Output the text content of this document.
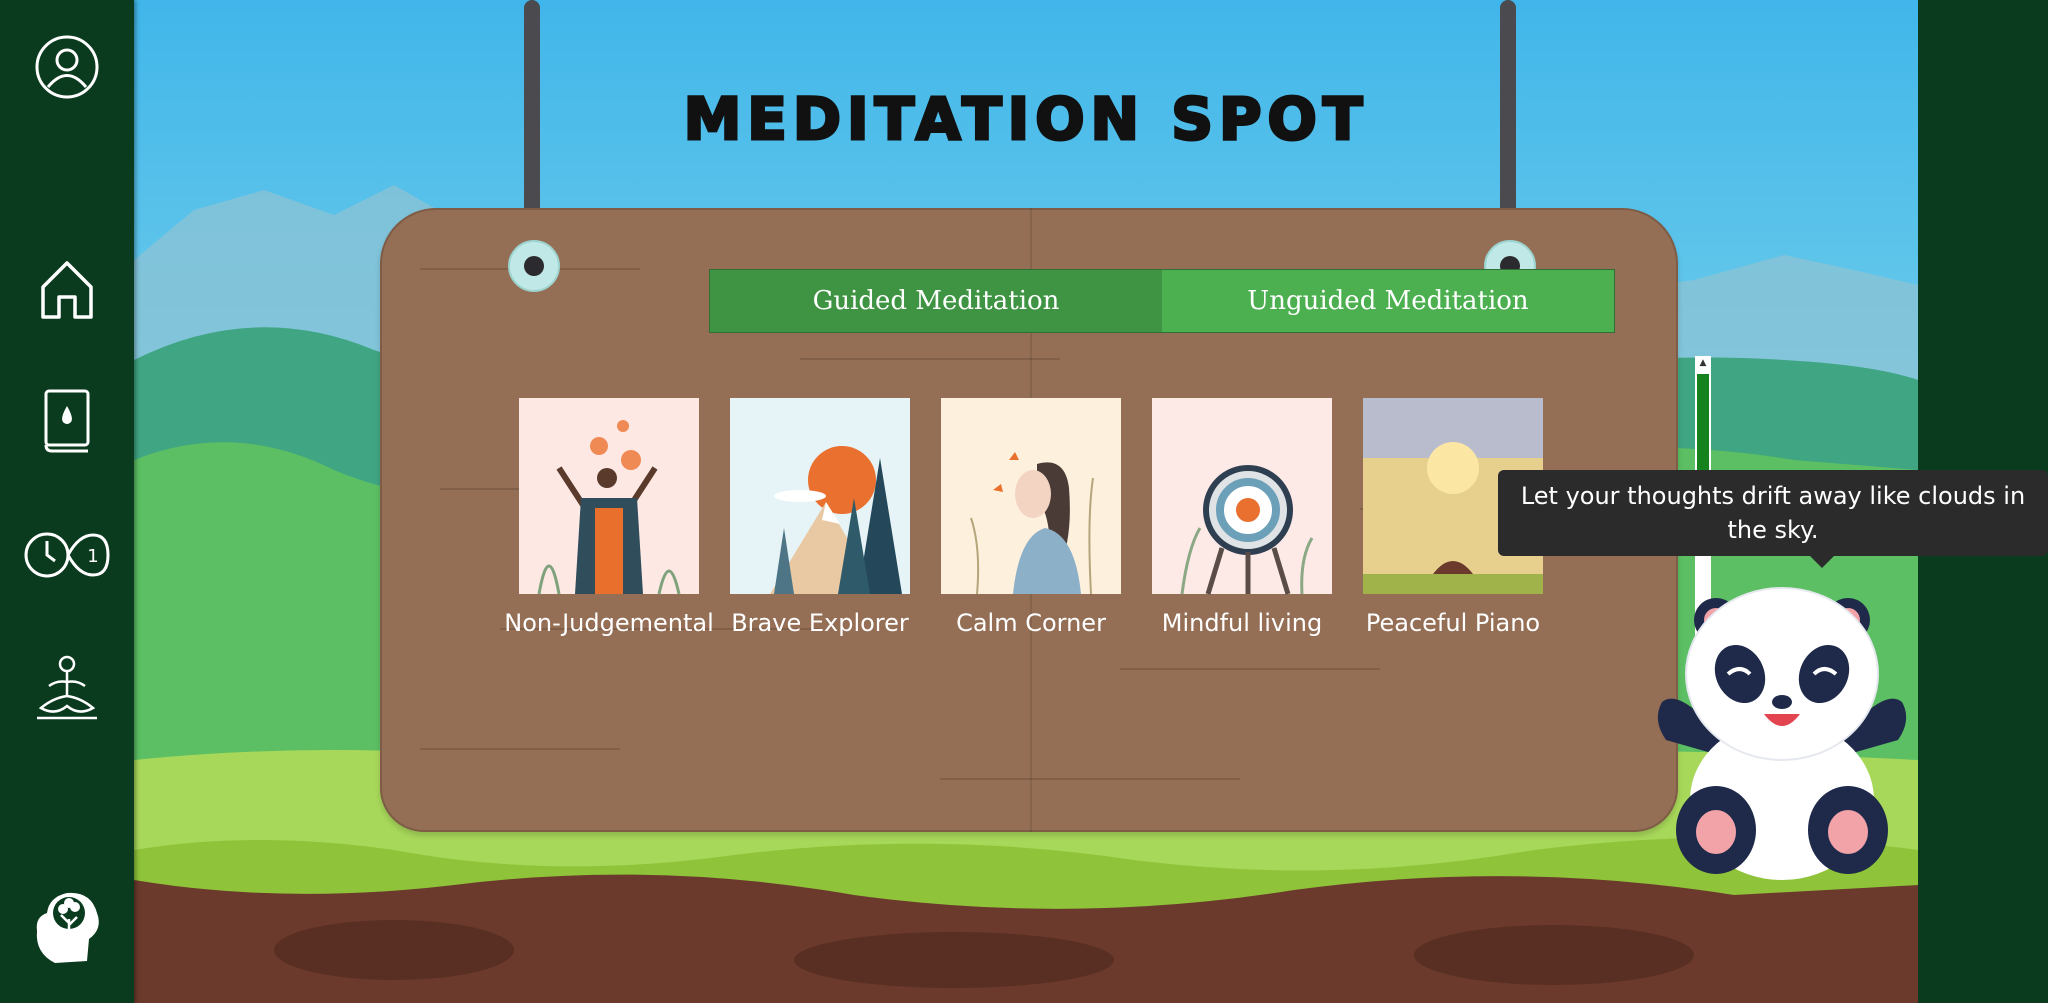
1
MEDITATION SPOT
Guided Meditation	Unguided Meditation
Non-Judgemental Brave Explorer	Calm Corner	Mindful living	Peaceful Piano
▲
Let your thoughts drift away like clouds in the sky.
